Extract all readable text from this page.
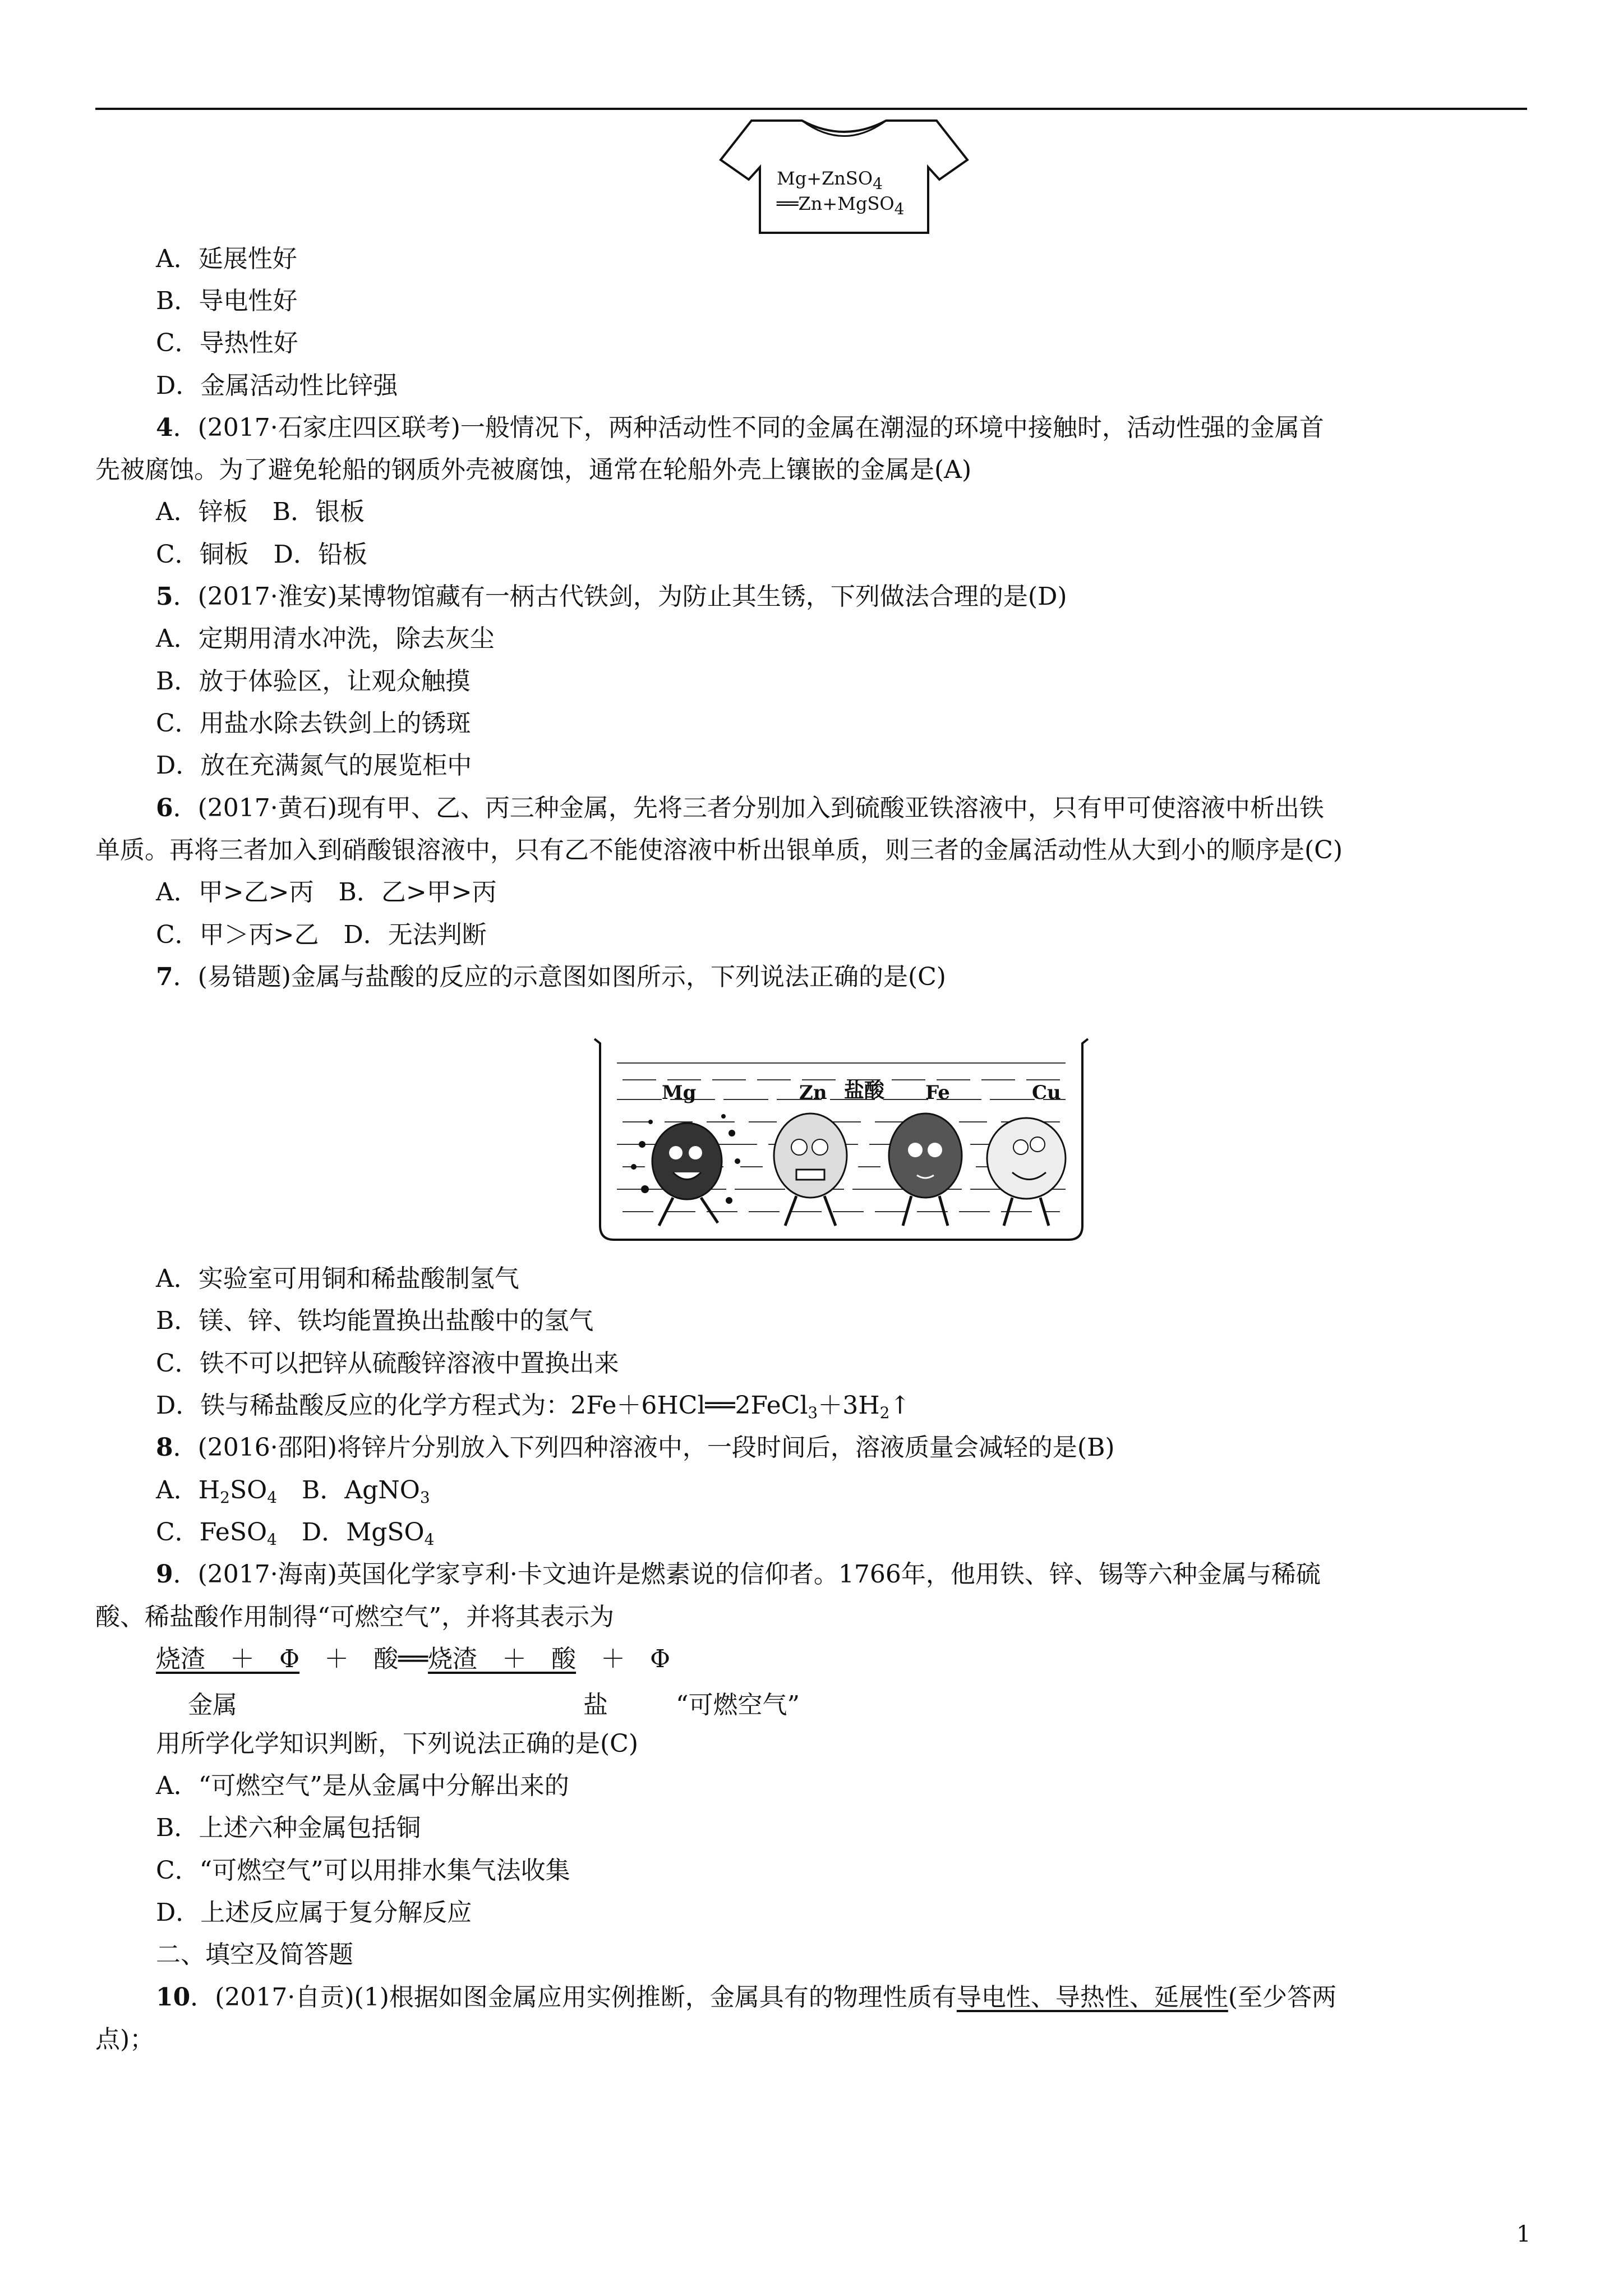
Mg+ZnSO$_4$
══Zn+MgSO$_4$
A．延展性好
B．导电性好
C．导热性好
D．金属活动性比锌强
4．(2017·石家庄四区联考)一般情况下，两种活动性不同的金属在潮湿的环境中接触时，活动性强的金属首
先被腐蚀。为了避免轮船的钢质外壳被腐蚀，通常在轮船外壳上镶嵌的金属是(A)
A．锌板　B．银板
C．铜板　D．铅板
5．(2017·淮安)某博物馆藏有一柄古代铁剑，为防止其生锈，下列做法合理的是(D)
A．定期用清水冲洗，除去灰尘
B．放于体验区，让观众触摸
C．用盐水除去铁剑上的锈斑
D．放在充满氮气的展览柜中
6．(2017·黄石)现有甲、乙、丙三种金属，先将三者分别加入到硫酸亚铁溶液中，只有甲可使溶液中析出铁
单质。再将三者加入到硝酸银溶液中，只有乙不能使溶液中析出银单质，则三者的金属活动性从大到小的顺序是(C)
A．甲>乙>丙　B．乙>甲>丙
C．甲＞丙>乙　D．无法判断
7．(易错题)金属与盐酸的反应的示意图如图所示，下列说法正确的是(C)
Mg	Zn 盐酸 Fe	Cu
A．实验室可用铜和稀盐酸制氢气
B．镁、锌、铁均能置换出盐酸中的氢气
C．铁不可以把锌从硫酸锌溶液中置换出来
D．铁与稀盐酸反应的化学方程式为：$2Fe+6HCl══2FeCl_3+3H_2↑$
8．(2016·邵阳)将锌片分别放入下列四种溶液中，一段时间后，溶液质量会减轻的是(B)
A．$H_2SO_4$　B．AgNO$_3$
C．FeSO$_4$　D．MgSO$_4$
9．(2017·海南)英国化学家亨利·卡文迪许是燃素说的信仰者。1766年，他用铁、锌、锡等六种金属与稀硫
酸、稀盐酸作用制得“可燃空气”，并将其表示为
烧渣　＋　Φ　＋　酸══烧渣　＋　酸　＋　Φ
金属	盐	“可燃空气”
用所学化学知识判断，下列说法正确的是(C)
A．“可燃空气”是从金属中分解出来的
B．上述六种金属包括铜
C．“可燃空气”可以用排水集气法收集
D．上述反应属于复分解反应
二、填空及简答题
10．(2017·自贡)(1)根据如图金属应用实例推断，金属具有的物理性质有导电性、导热性、延展性(至少答两
点)；
1
